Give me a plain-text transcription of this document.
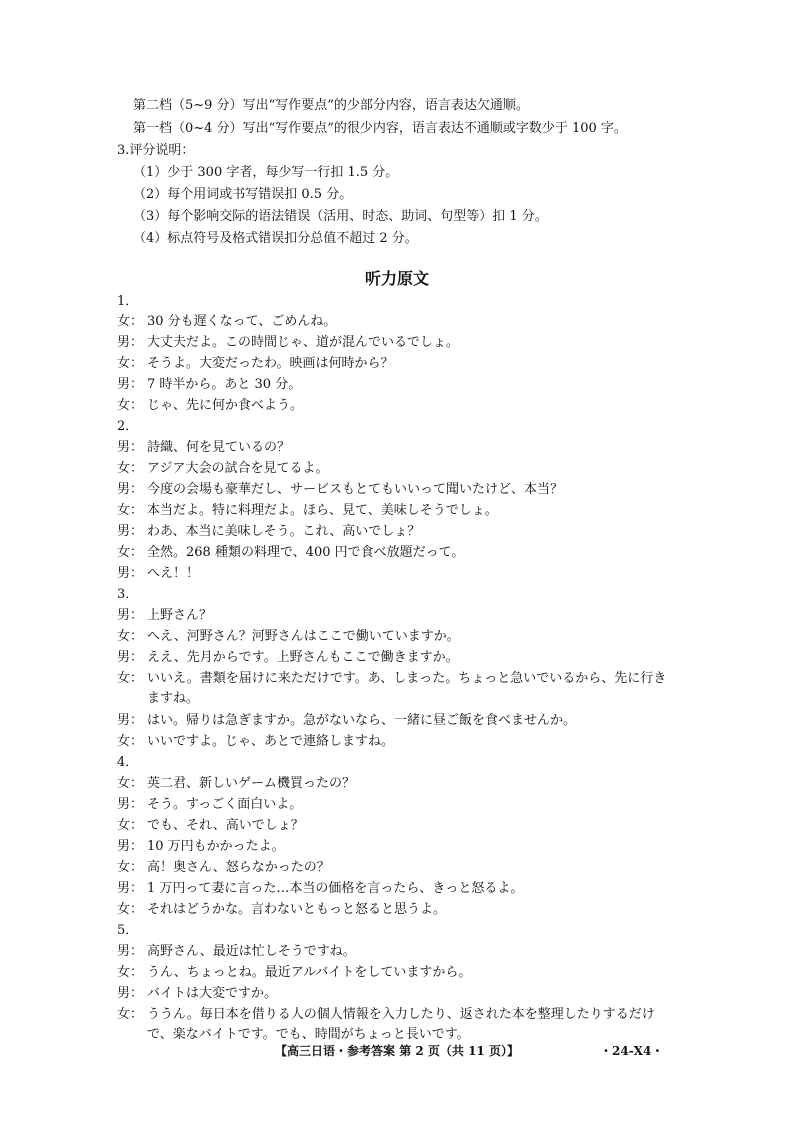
第二档（5~9 分）写出“写作要点”的少部分内容，语言表达欠通顺。
第一档（0~4 分）写出“写作要点”的很少内容，语言表达不通顺或字数少于 100 字。
3.评分说明：
（1）少于 300 字者，每少写一行扣 1.5 分。
（2）每个用词或书写错误扣 0.5 分。
（3）每个影响交际的语法错误（活用、时态、助词、句型等）扣 1 分。
（4）标点符号及格式错误扣分总值不超过 2 分。
听力原文
1．
女： 30 分も遅くなって、ごめんね。
男： 大丈夫だよ。この時間じゃ、道が混んでいるでしょ。
女： そうよ。大変だったわ。映画は何時から？
男： 7 時半から。あと 30 分。
女： じゃ、先に何か食べよう。
2．
男： 詩織、何を見ているの？
女： アジア大会の試合を見てるよ。
男： 今度の会場も豪華だし、サービスもとてもいいって聞いたけど、本当？
女： 本当だよ。特に料理だよ。ほら、見て、美味しそうでしょ。
男： わあ、本当に美味しそう。これ、高いでしょ？
女： 全然。268 種類の料理で、400 円で食べ放題だって。
男： へえ！！
3．
男： 上野さん？
女： へえ、河野さん？河野さんはここで働いていますか。
男： ええ、先月からです。上野さんもここで働きますか。
女： いいえ。書類を届けに来ただけです。あ、しまった。ちょっと急いでいるから、先に行きますね。
男： はい。帰りは急ぎますか。急がないなら、一緒に昼ご飯を食べませんか。
女： いいですよ。じゃ、あとで連絡しますね。
4．
女： 英二君、新しいゲーム機買ったの？
男： そう。すっごく面白いよ。
女： でも、それ、高いでしょ？
男： 10 万円もかかったよ。
女： 高！奥さん、怒らなかったの？
男： 1 万円って妻に言った…本当の価格を言ったら、きっと怒るよ。
女： それはどうかな。言わないともっと怒ると思うよ。
5．
男： 高野さん、最近は忙しそうですね。
女： うん、ちょっとね。最近アルバイトをしていますから。
男： バイトは大変ですか。
女： ううん。毎日本を借りる人の個人情報を入力したり、返された本を整理したりするだけで、楽なバイトです。でも、時間がちょっと長いです。
【高三日语・参考答案 第 2 页（共 11 页）】	・24-X4・
